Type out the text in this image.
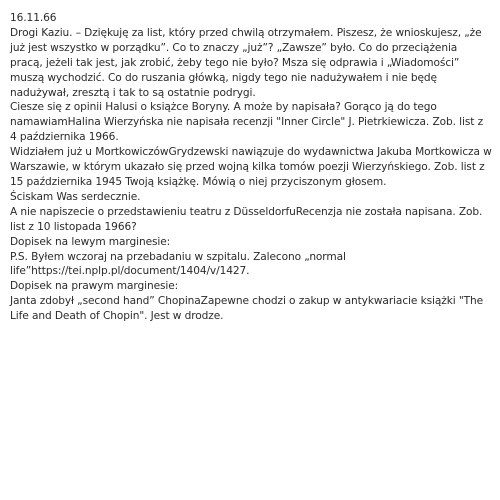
16.11.66

Drogi Kaziu. – Dziękuję za list, który przed chwilą otrzymałem. Piszesz, że wnioskujesz, „że już jest wszystko w porządku”. Co to znaczy „już”? „Zawsze” było. Co do przeciążenia pracą, jeżeli tak jest, jak zrobić, żeby tego nie było? Msza się odprawia i „Wiadomości” muszą wychodzić. Co do ruszania główką, nigdy tego nie nadużywałem i nie będę nadużywał, zresztą i tak to są ostatnie podrygi.

Ciesze się z opinii Halusi o książce Boryny. A może by napisała? Gorąco ją do tego namawiamHalina Wierzyńska nie napisała recenzji "Inner Circle" J. Pietrkiewicza. Zob. list z 4 października 1966.

Widziałem już u MortkowiczówGrydzewski nawiązuje do wydawnictwa Jakuba Mortkowicza w Warszawie, w którym ukazało się przed wojną kilka tomów poezji Wierzyńskiego. Zob. list z 15 października 1945 Twoją książkę. Mówią o niej przyciszonym głosem.

Ściskam Was serdecznie.

A nie napiszecie o przedstawieniu teatru z DüsseldorfuRecenzja nie została napisana. Zob. list z 10 listopada 1966?

Dopisek na lewym marginesie:

P.S. Byłem wczoraj na przebadaniu w szpitalu. Zalecono „normal life”https://tei.nplp.pl/document/1404/v/1427.

Dopisek na prawym marginesie:

Janta zdobył „second hand” ChopinaZapewne chodzi o zakup w antykwariacie książki "The Life and Death of Chopin". Jest w drodze.
